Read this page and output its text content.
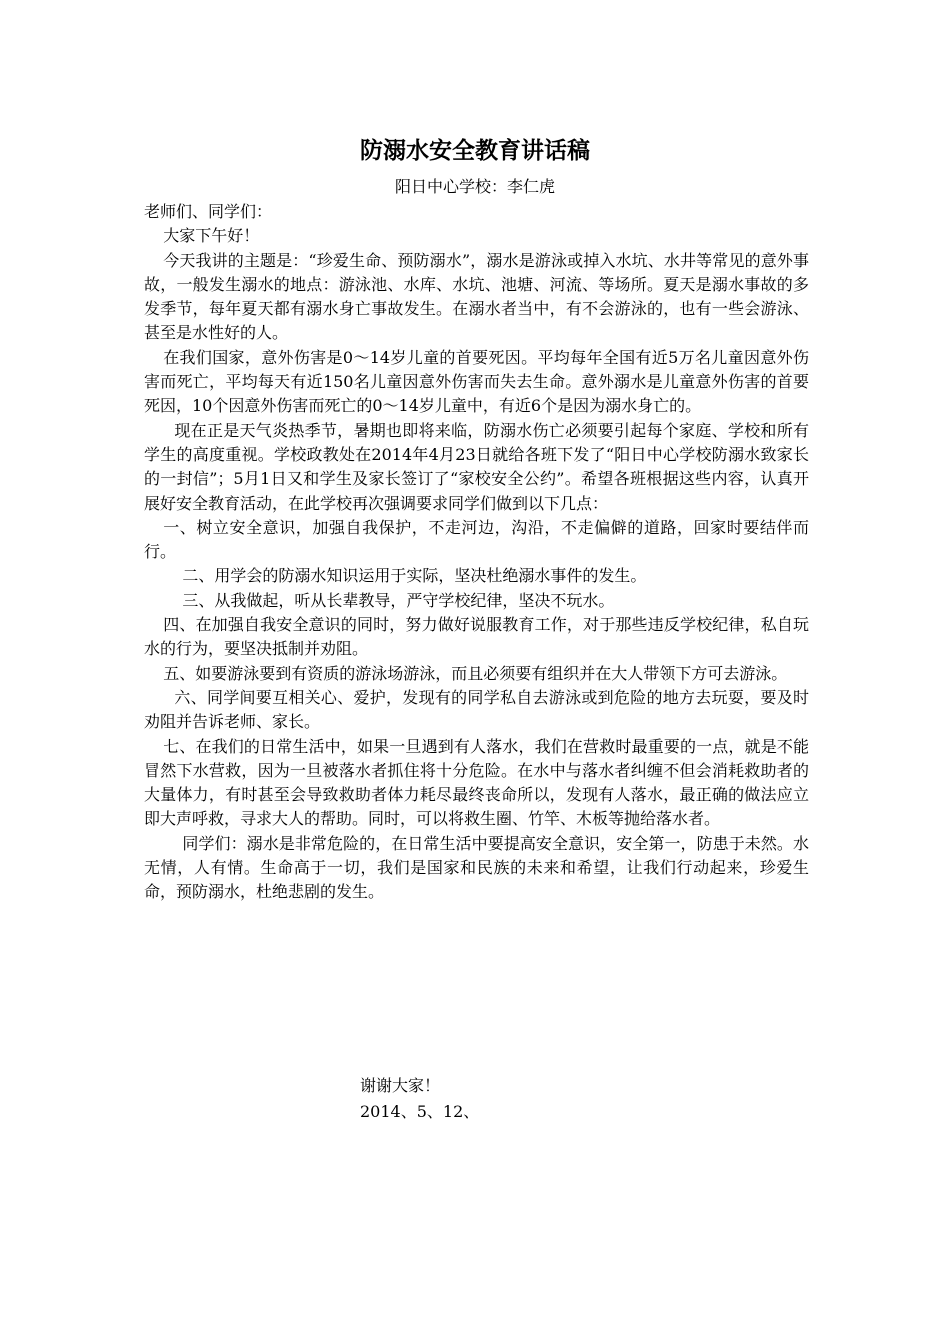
防溺水安全教育讲话稿
阳日中心学校：李仁虎

老师们、同学们：

大家下午好！

今天我讲的主题是：“珍爱生命、预防溺水”，溺水是游泳或掉入水坑、水井等常见的意外事故，一般发生溺水的地点：游泳池、水库、水坑、池塘、河流、等场所。夏天是溺水事故的多发季节，每年夏天都有溺水身亡事故发生。在溺水者当中，有不会游泳的，也有一些会游泳、甚至是水性好的人。

在我们国家，意外伤害是0～14岁儿童的首要死因。平均每年全国有近5万名儿童因意外伤害而死亡，平均每天有近150名儿童因意外伤害而失去生命。意外溺水是儿童意外伤害的首要死因，10个因意外伤害而死亡的0～14岁儿童中，有近6个是因为溺水身亡的。

现在正是天气炎热季节，暑期也即将来临，防溺水伤亡必须要引起每个家庭、学校和所有学生的高度重视。学校政教处在2014年4月23日就给各班下发了“阳日中心学校防溺水致家长的一封信”；5月1日又和学生及家长签订了“家校安全公约”。希望各班根据这些内容，认真开展好安全教育活动，在此学校再次强调要求同学们做到以下几点：

一、树立安全意识，加强自我保护，不走河边，沟沿，不走偏僻的道路，回家时要结伴而行。

二、用学会的防溺水知识运用于实际，坚决杜绝溺水事件的发生。

三、从我做起，听从长辈教导，严守学校纪律，坚决不玩水。

四、在加强自我安全意识的同时，努力做好说服教育工作，对于那些违反学校纪律，私自玩水的行为，要坚决抵制并劝阻。

五、如要游泳要到有资质的游泳场游泳，而且必须要有组织并在大人带领下方可去游泳。

六、同学间要互相关心、爱护，发现有的同学私自去游泳或到危险的地方去玩耍，要及时劝阻并告诉老师、家长。

七、在我们的日常生活中，如果一旦遇到有人落水，我们在营救时最重要的一点，就是不能冒然下水营救，因为一旦被落水者抓住将十分危险。在水中与落水者纠缠不但会消耗救助者的大量体力，有时甚至会导致救助者体力耗尽最终丧命所以，发现有人落水，最正确的做法应立即大声呼救，寻求大人的帮助。同时，可以将救生圈、竹竿、木板等抛给落水者。

同学们：溺水是非常危险的，在日常生活中要提高安全意识，安全第一，防患于未然。水无情，人有情。生命高于一切，我们是国家和民族的未来和希望，让我们行动起来，珍爱生命，预防溺水，杜绝悲剧的发生。

谢谢大家！
2014、5、12、
